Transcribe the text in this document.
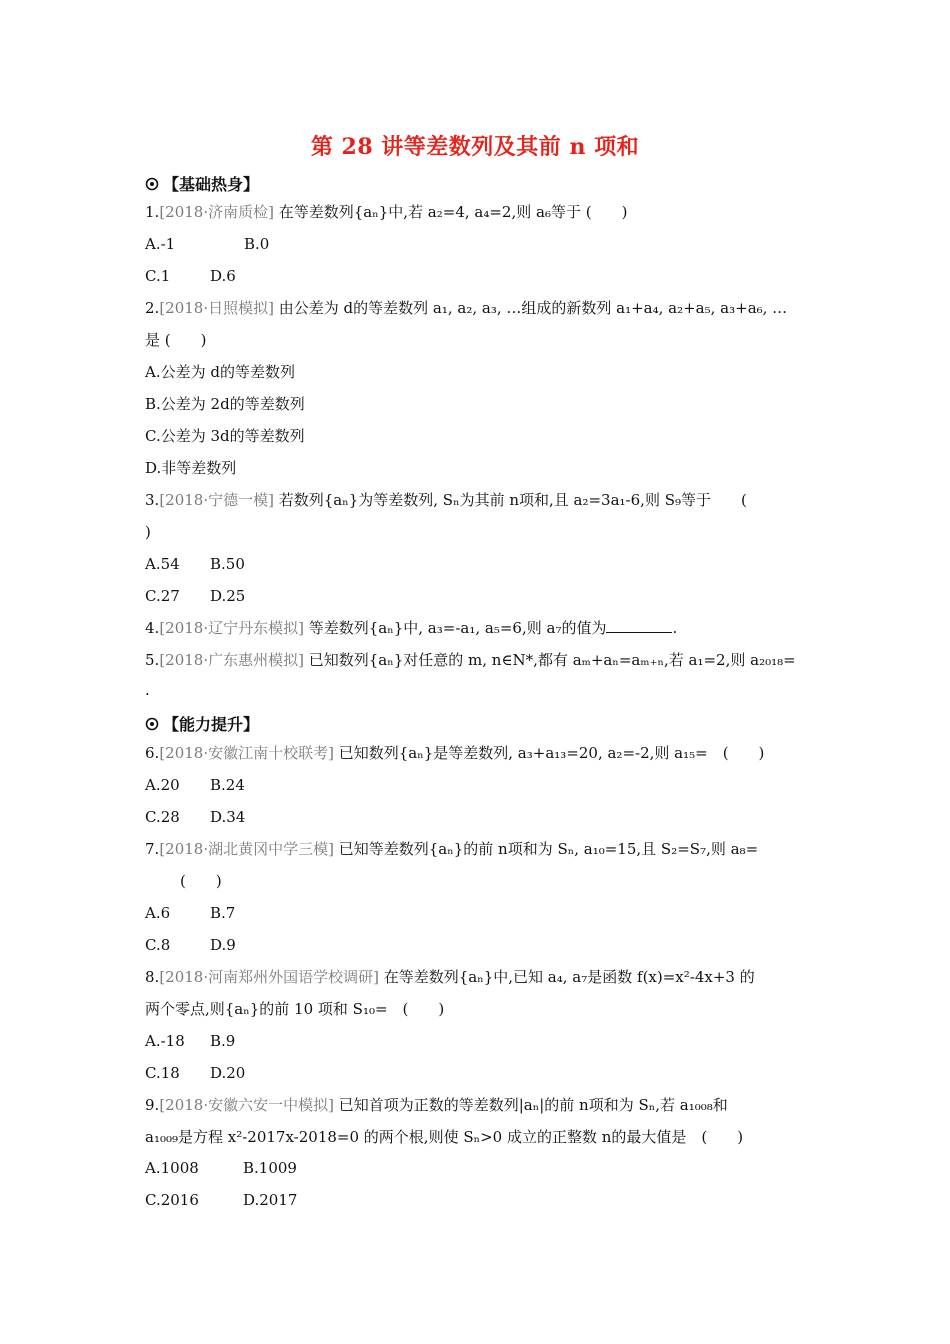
第 28 讲等差数列及其前 n 项和
【基础热身】
1.[2018·济南质检] 在等差数列{aₙ}中,若 a₂=4, a₄=2,则 a₆等于 (　　)
A.-1	B.0
C.1	D.6
2.[2018·日照模拟] 由公差为 d的等差数列 a₁, a₂, a₃, …组成的新数列 a₁+a₄, a₂+a₅, a₃+a₆, …
是 (　　)
A.公差为 d的等差数列
B.公差为 2d的等差数列
C.公差为 3d的等差数列
D.非等差数列
3.[2018·宁德一模] 若数列{aₙ}为等差数列, Sₙ为其前 n项和,且 a₂=3a₁-6,则 S₉等于　　(
)
A.54 B.50
C.27 D.25
4.[2018·辽宁丹东模拟] 等差数列{aₙ}中, a₃=-a₁, a₅=6,则 a₇的值为	.
5.[2018·广东惠州模拟] 已知数列{aₙ}对任意的 m, n∈N*,都有 aₘ+aₙ=aₘ₊ₙ,若 a₁=2,则 a₂₀₁₈=
.
【能力提升】
6.[2018·安徽江南十校联考] 已知数列{aₙ}是等差数列, a₃+a₁₃=20, a₂=-2,则 a₁₅=　(　　)
A.20 B.24
C.28 D.34
7.[2018·湖北黄冈中学三模] 已知等差数列{aₙ}的前 n项和为 Sₙ, a₁₀=15,且 S₂=S₇,则 a₈=
(　　)
A.6	B.7
C.8	D.9
8.[2018·河南郑州外国语学校调研] 在等差数列{aₙ}中,已知 a₄, a₇是函数 f(x)=x²-4x+3 的
两个零点,则{aₙ}的前 10 项和 S₁₀=　(　　)
A.-18 B.9
C.18 D.20
9.[2018·安徽六安一中模拟] 已知首项为正数的等差数列|aₙ|的前 n项和为 Sₙ,若 a₁₀₀₈和
a₁₀₀₉是方程 x²-2017x-2018=0 的两个根,则使 Sₙ>0 成立的正整数 n的最大值是　(　　)
A.1008	B.1009
C.2016	D.2017
